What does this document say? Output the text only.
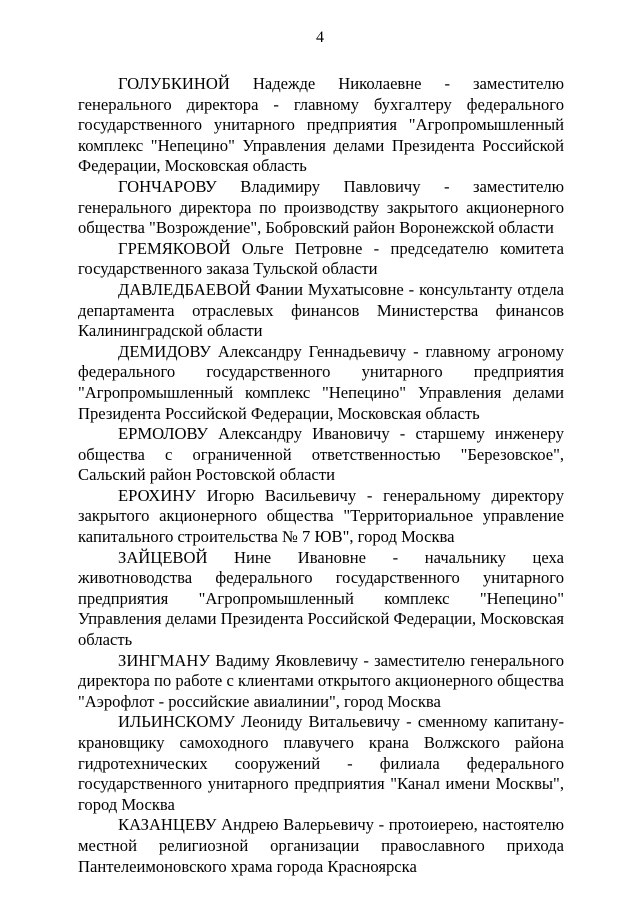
4

ГОЛУБКИНОЙ Надежде Николаевне - заместителю генерального директора - главному бухгалтеру федерального государственного унитарного предприятия "Агропромышленный комплекс "Непецино" Управления делами Президента Российской Федерации, Московская область

ГОНЧАРОВУ Владимиру Павловичу - заместителю генерального директора по производству закрытого акционерного общества "Возрождение", Бобровский район Воронежской области

ГРЕМЯКОВОЙ Ольге Петровне - председателю комитета государственного заказа Тульской области

ДАВЛЕДБАЕВОЙ Фании Мухатысовне - консультанту отдела департамента отраслевых финансов Министерства финансов Калининградской области

ДЕМИДОВУ Александру Геннадьевичу - главному агроному федерального государственного унитарного предприятия "Агропромышленный комплекс "Непецино" Управления делами Президента Российской Федерации, Московская область

ЕРМОЛОВУ Александру Ивановичу - старшему инженеру общества с ограниченной ответственностью "Березовское", Сальский район Ростовской области

ЕРОХИНУ Игорю Васильевичу - генеральному директору закрытого акционерного общества "Территориальное управление капитального строительства № 7 ЮВ", город Москва

ЗАЙЦЕВОЙ Нине Ивановне - начальнику цеха животноводства федерального государственного унитарного предприятия "Агропромышленный комплекс "Непецино" Управления делами Президента Российской Федерации, Московская область

ЗИНГМАНУ Вадиму Яковлевичу - заместителю генерального директора по работе с клиентами открытого акционерного общества "Аэрофлот - российские авиалинии", город Москва

ИЛЬИНСКОМУ Леониду Витальевичу - сменному капитану-крановщику самоходного плавучего крана Волжского района гидротехнических сооружений - филиала федерального государственного унитарного предприятия "Канал имени Москвы", город Москва

КАЗАНЦЕВУ Андрею Валерьевичу - протоиерею, настоятелю местной религиозной организации православного прихода Пантелеимоновского храма города Красноярска
